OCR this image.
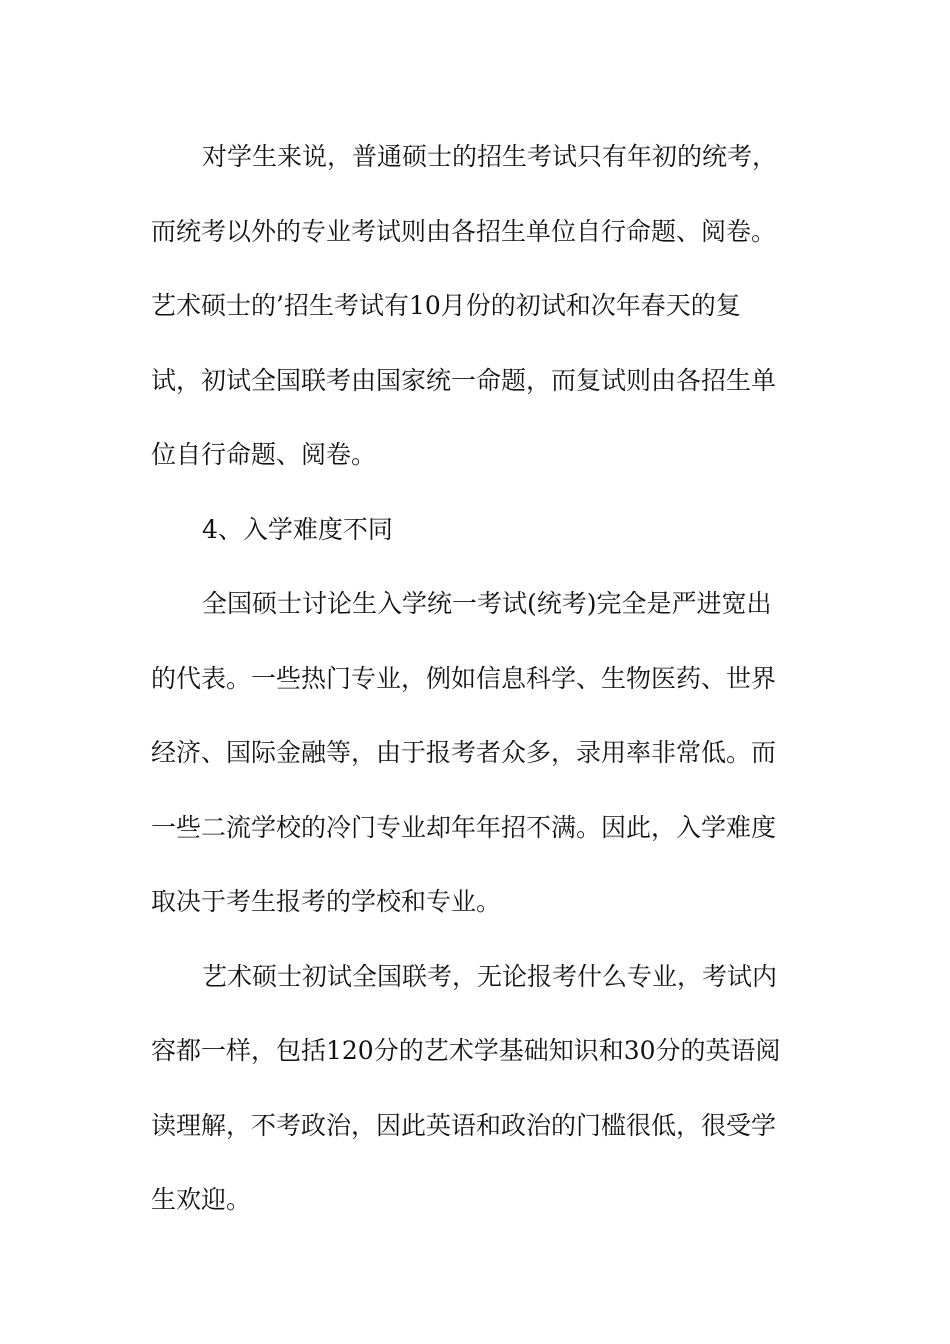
对学生来说，普通硕士的招生考试只有年初的统考，
而统考以外的专业考试则由各招生单位自行命题、阅卷。
艺术硕士的’招生考试有10月份的初试和次年春天的复
试，初试全国联考由国家统一命题，而复试则由各招生单
位自行命题、阅卷。
4、入学难度不同
全国硕士讨论生入学统一考试(统考)完全是严进宽出
的代表。一些热门专业，例如信息科学、生物医药、世界
经济、国际金融等，由于报考者众多，录用率非常低。而
一些二流学校的冷门专业却年年招不满。因此，入学难度
取决于考生报考的学校和专业。
艺术硕士初试全国联考，无论报考什么专业，考试内
容都一样，包括120分的艺术学基础知识和30分的英语阅
读理解，不考政治，因此英语和政治的门槛很低，很受学
生欢迎。
